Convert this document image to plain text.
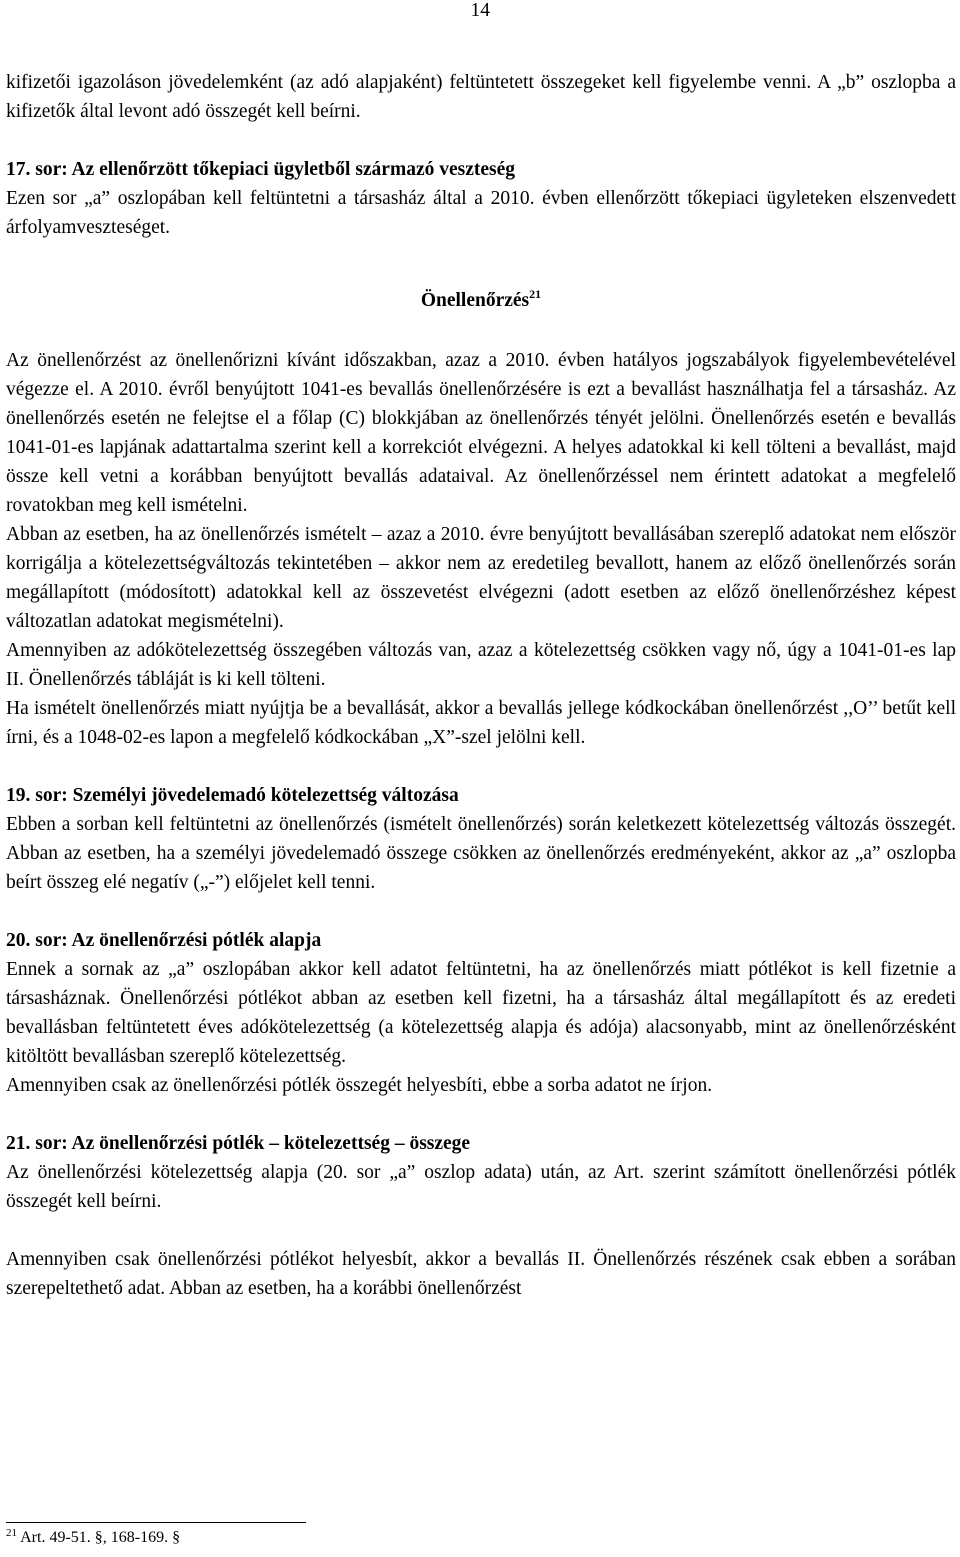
14

kifizetői igazoláson jövedelemként (az adó alapjaként) feltüntetett összegeket kell figyelembe venni. A „b” oszlopba a kifizetők által levont adó összegét kell beírni.

17. sor: Az ellenőrzött tőkepiaci ügyletből származó veszteség

Ezen sor „a” oszlopában kell feltüntetni a társasház által a 2010. évben ellenőrzött tőkepiaci ügyleteken elszenvedett árfolyamveszteséget.

Önellenőrzés$^{21}$

Az önellenőrzést az önellenőrizni kívánt időszakban, azaz a 2010. évben hatályos jogszabályok figyelembevételével végezze el. A 2010. évről benyújtott 1041-es bevallás önellenőrzésére is ezt a bevallást használhatja fel a társasház. Az önellenőrzés esetén ne felejtse el a főlap (C) blokkjában az önellenőrzés tényét jelölni. Önellenőrzés esetén e bevallás 1041-01-es lapjának adattartalma szerint kell a korrekciót elvégezni. A helyes adatokkal ki kell tölteni a bevallást, majd össze kell vetni a korábban benyújtott bevallás adataival. Az önellenőrzéssel nem érintett adatokat a megfelelő rovatokban meg kell ismételni.

Abban az esetben, ha az önellenőrzés ismételt – azaz a 2010. évre benyújtott bevallásában szereplő adatokat nem először korrigálja a kötelezettségváltozás tekintetében – akkor nem az eredetileg bevallott, hanem az előző önellenőrzés során megállapított (módosított) adatokkal kell az összevetést elvégezni (adott esetben az előző önellenőrzéshez képest változatlan adatokat megismételni).

Amennyiben az adókötelezettség összegében változás van, azaz a kötelezettség csökken vagy nő, úgy a 1041-01-es lap II. Önellenőrzés tábláját is ki kell tölteni.

Ha ismételt önellenőrzés miatt nyújtja be a bevallását, akkor a bevallás jellege kódkockában önellenőrzést ,,O’’ betűt kell írni, és a 1048-02-es lapon a megfelelő kódkockában „X”-szel jelölni kell.

19. sor: Személyi jövedelemadó kötelezettség változása

Ebben a sorban kell feltüntetni az önellenőrzés (ismételt önellenőrzés) során keletkezett kötelezettség változás összegét. Abban az esetben, ha a személyi jövedelemadó összege csökken az önellenőrzés eredményeként, akkor az „a” oszlopba beírt összeg elé negatív („-”) előjelet kell tenni.

20. sor: Az önellenőrzési pótlék alapja

Ennek a sornak az „a” oszlopában akkor kell adatot feltüntetni, ha az önellenőrzés miatt pótlékot is kell fizetnie a társasháznak. Önellenőrzési pótlékot abban az esetben kell fizetni, ha a társasház által megállapított és az eredeti bevallásban feltüntetett éves adókötelezettség (a kötelezettség alapja és adója) alacsonyabb, mint az önellenőrzésként kitöltött bevallásban szereplő kötelezettség.

Amennyiben csak az önellenőrzési pótlék összegét helyesbíti, ebbe a sorba adatot ne írjon.

21. sor: Az önellenőrzési pótlék – kötelezettség – összege

Az önellenőrzési kötelezettség alapja (20. sor „a” oszlop adata) után, az Art. szerint számított önellenőrzési pótlék összegét kell beírni.

Amennyiben csak önellenőrzési pótlékot helyesbít, akkor a bevallás II. Önellenőrzés részének csak ebben a sorában szerepeltethető adat. Abban az esetben, ha a korábbi önellenőrzést

$^{21}$ Art. 49-51. §, 168-169. §
